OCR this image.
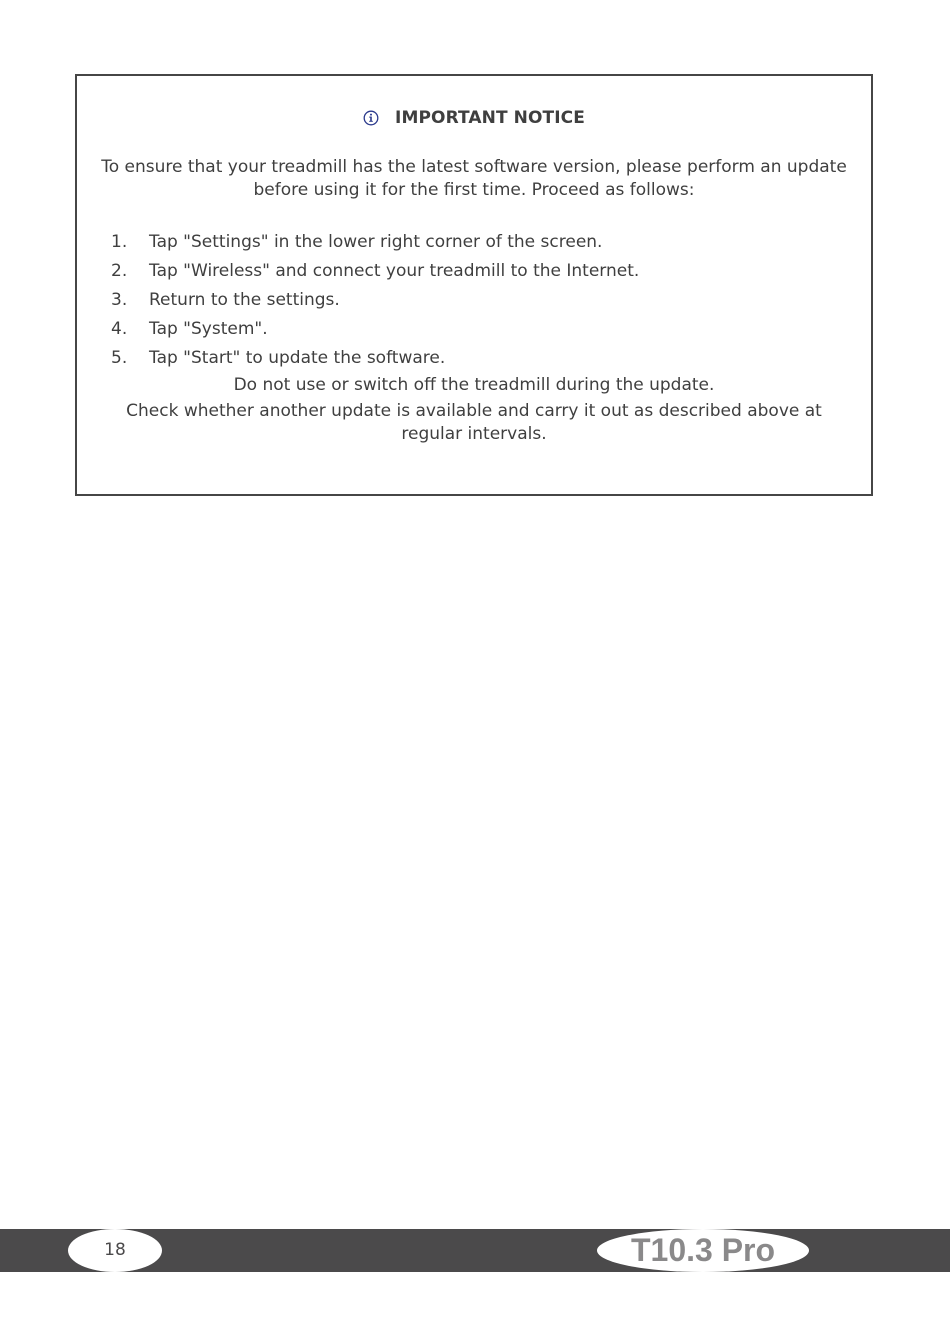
IMPORTANT NOTICE
To ensure that your treadmill has the latest software version, please perform an update before using it for the first time. Proceed as follows:
1.	Tap "Settings" in the lower right corner of the screen.
2.	Tap "Wireless" and connect your treadmill to the Internet.
3.	Return to the settings.
4.	Tap "System".
5.	Tap "Start" to update the software.
Do not use or switch off the treadmill during the update.
Check whether another update is available and carry it out as described above at regular intervals.
18	T10.3 Pro
